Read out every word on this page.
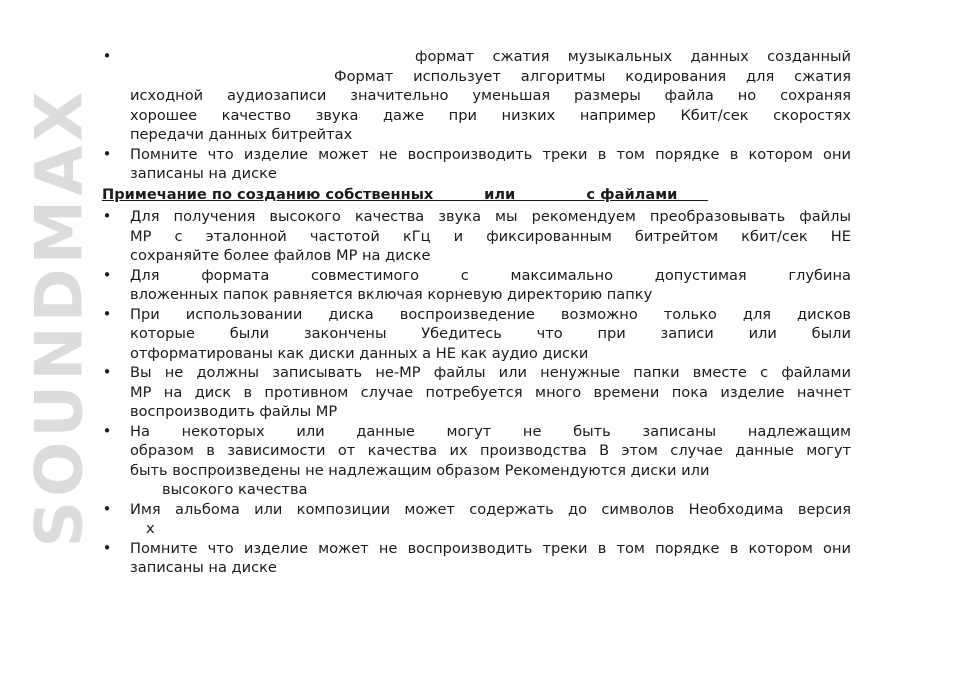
SOUNDMAX
•	формат сжатия музыкальных данных созданный
Формат использует алгоритмы кодирования для сжатия
исходной аудиозаписи значительно уменьшая размеры файла но сохраняя
хорошее качество звука даже при низких например Кбит/сек скоростях
передачи данных битрейтах
•	Помните что изделие может не воспроизводить треки в том порядке в котором они
записаны на диске
Примечание по созданию собственных          или              с файлами
•	Для получения высокого качества звука мы рекомендуем преобразовывать файлы
МР с эталонной частотой кГц и фиксированным битрейтом кбит/сек НЕ
сохраняйте более файлов МР на диске
•	Для формата совместимого с максимально допустимая глубина
вложенных папок равняется включая корневую директорию папку
•	При использовании диска воспроизведение возможно только для дисков
которые были закончены Убедитесь что при записи или были
отформатированы как диски данных а НЕ как аудио диски
•	Вы не должны записывать не-МР файлы или ненужные папки вместе с файлами
МР на диск в противном случае потребуется много времени пока изделие начнет
воспроизводить файлы МР
•	На некоторых или данные могут не быть записаны надлежащим
образом в зависимости от качества их производства В этом случае данные могут
быть воспроизведены не надлежащим образом Рекомендуются диски или
высокого качества
•	Имя альбома или композиции может содержать до символов Необходима версия
х
•	Помните что изделие может не воспроизводить треки в том порядке в котором они
записаны на диске
